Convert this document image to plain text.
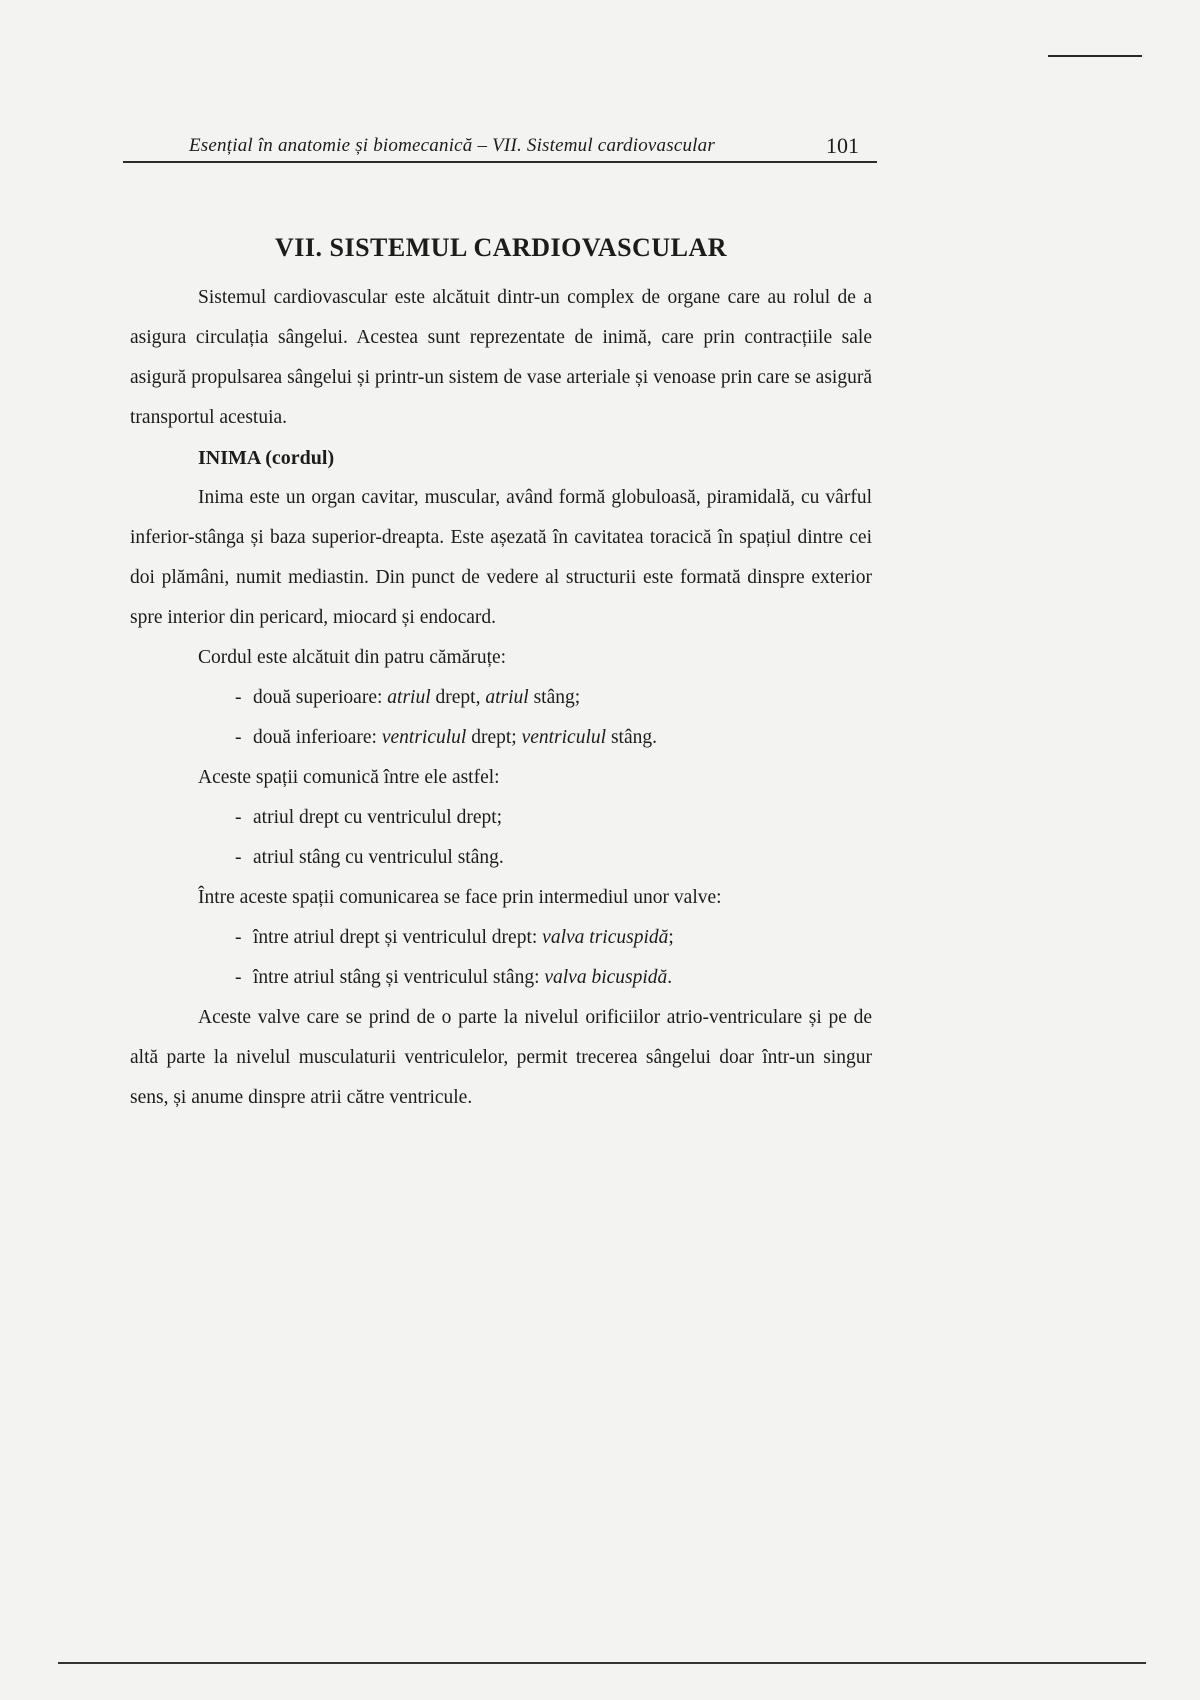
Esențial în anatomie și biomecanică – VII. Sistemul cardiovascular	101
VII. SISTEMUL CARDIOVASCULAR

Sistemul cardiovascular este alcătuit dintr-un complex de organe care au rolul de a asigura circulația sângelui. Acestea sunt reprezentate de inimă, care prin contracțiile sale asigură propulsarea sângelui și printr-un sistem de vase arteriale și venoase prin care se asigură transportul acestuia.

INIMA (cordul)

Inima este un organ cavitar, muscular, având formă globuloasă, piramidală, cu vârful inferior-stânga și baza superior-dreapta. Este așezată în cavitatea toracică în spațiul dintre cei doi plămâni, numit mediastin. Din punct de vedere al structurii este formată dinspre exterior spre interior din pericard, miocard și endocard.

Cordul este alcătuit din patru cămăruțe:

- două superioare: atriul drept, atriul stâng;
- două inferioare: ventriculul drept; ventriculul stâng.

Aceste spații comunică între ele astfel:

- atriul drept cu ventriculul drept;
- atriul stâng cu ventriculul stâng.

Între aceste spații comunicarea se face prin intermediul unor valve:

- între atriul drept și ventriculul drept: valva tricuspidă;
- între atriul stâng și ventriculul stâng: valva bicuspidă.

Aceste valve care se prind de o parte la nivelul orificiilor atrio-ventriculare și pe de altă parte la nivelul musculaturii ventriculelor, permit trecerea sângelui doar într-un singur sens, și anume dinspre atrii către ventricule.
